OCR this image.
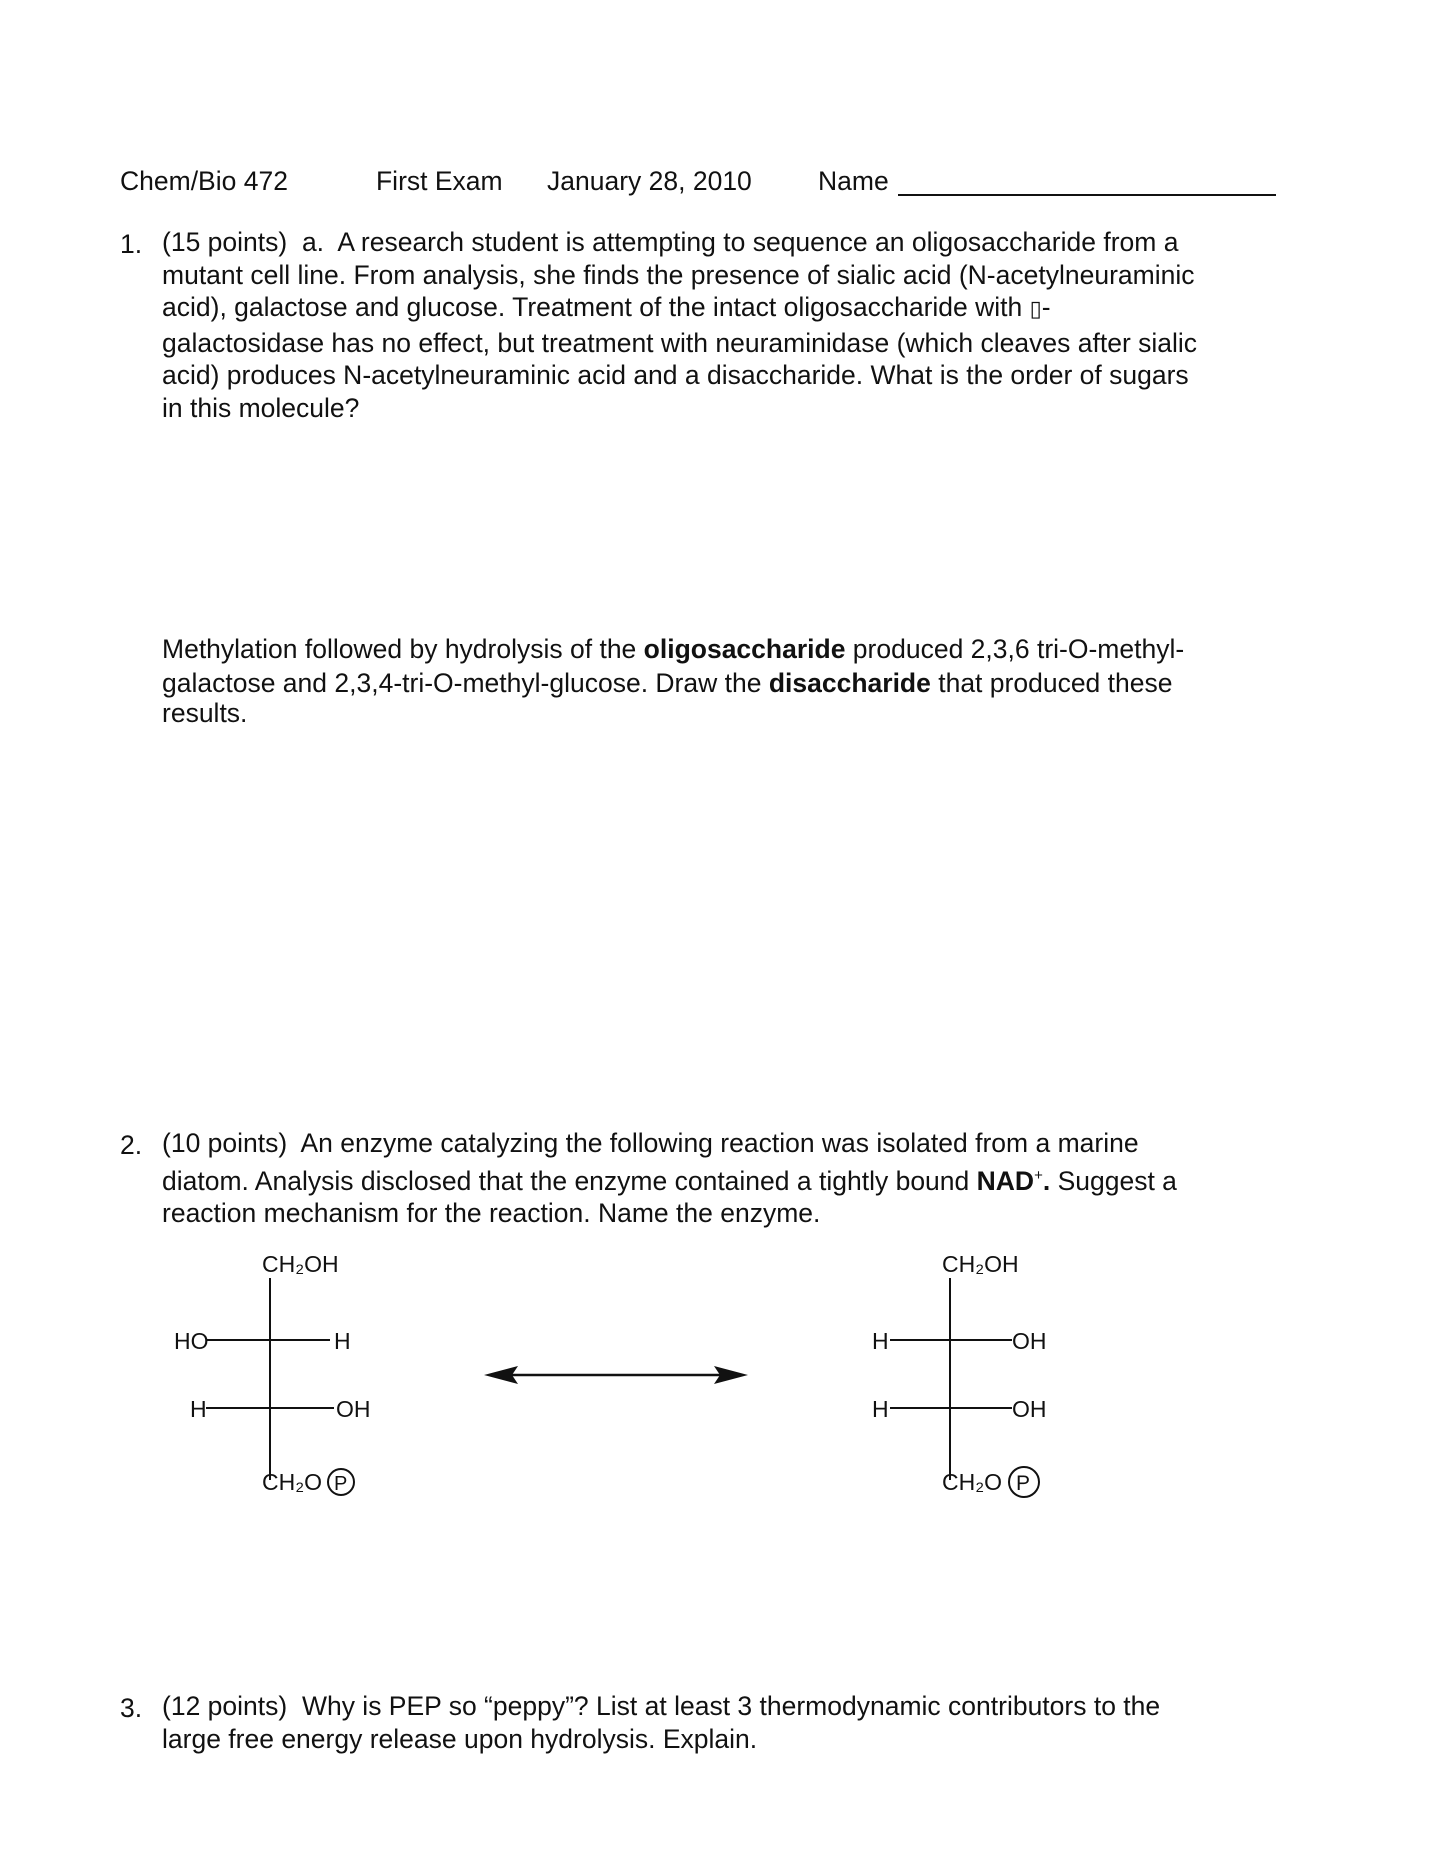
Chem/Bio 472	First Exam January 28, 2010 Name
1. (15 points) a. A research student is attempting to sequence an oligosaccharide from a
mutant cell line. From analysis, she finds the presence of sialic acid (N-acetylneuraminic
acid), galactose and glucose. Treatment of the intact oligosaccharide with ▯-
galactosidase has no effect, but treatment with neuraminidase (which cleaves after sialic
acid) produces N-acetylneuraminic acid and a disaccharide. What is the order of sugars
in this molecule?
Methylation followed by hydrolysis of the oligosaccharide produced 2,3,6 tri-O-methyl-
galactose and 2,3,4-tri-O-methyl-glucose. Draw the disaccharide that produced these
results.
2. (10 points) An enzyme catalyzing the following reaction was isolated from a marine
diatom. Analysis disclosed that the enzyme contained a tightly bound NAD+. Suggest a
reaction mechanism for the reaction. Name the enzyme.
CH₂OH
HO	H
H	OH
CH₂O P
CH₂OH
H	OH
H	OH
CH₂O P
3. (12 points) Why is PEP so “peppy”? List at least 3 thermodynamic contributors to the
large free energy release upon hydrolysis. Explain.
